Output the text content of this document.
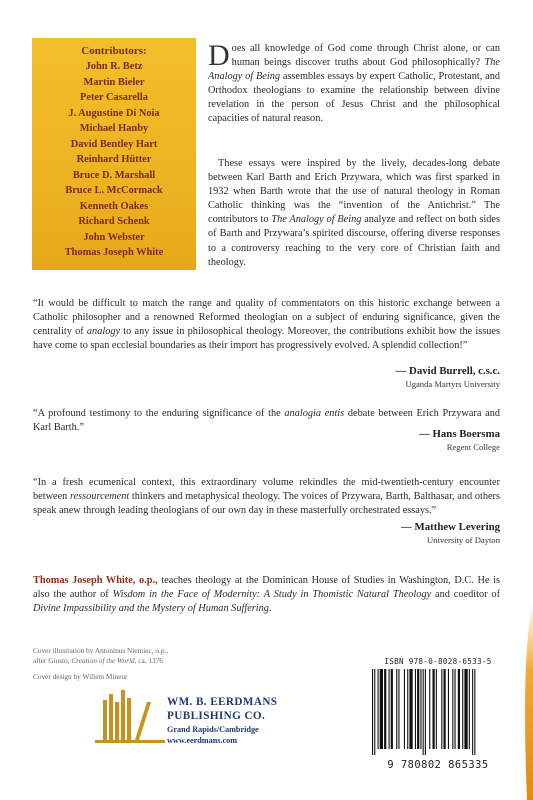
Contributors:
John R. Betz
Martin Bieler
Peter Casarella
J. Augustine Di Noia
Michael Hanby
David Bentley Hart
Reinhard Hütter
Bruce D. Marshall
Bruce L. McCormack
Kenneth Oakes
Richard Schenk
John Webster
Thomas Joseph White
Does all knowledge of God come through Christ alone, or can human beings discover truths about God philosophically? The Analogy of Being assembles essays by expert Catholic, Protestant, and Orthodox theologians to examine the relationship between divine revelation in the person of Jesus Christ and the philosophical capacities of natural reason.
These essays were inspired by the lively, decades-long debate between Karl Barth and Erich Przywara, which was first sparked in 1932 when Barth wrote that the use of natural theology in Roman Catholic thinking was the “invention of the Antichrist.” The contributors to The Analogy of Being analyze and reflect on both sides of Barth and Przywara’s spirited discourse, offering diverse responses to a controversy reaching to the very core of Christian faith and theology.
“It would be difficult to match the range and quality of commentators on this historic exchange between a Catholic philosopher and a renowned Reformed theologian on a subject of enduring significance, given the centrality of analogy to any issue in philosophical theology. Moreover, the contributions exhibit how the issues have come to span ecclesial boundaries as their import has progressively evolved. A splendid collection!”
— David Burrell, c.s.c.
Uganda Martyrs University
“A profound testimony to the enduring significance of the analogia entis debate between Erich Przywara and Karl Barth.”
— Hans Boersma
Regent College
“In a fresh ecumenical context, this extraordinary volume rekindles the mid-twentieth-century encounter between ressourcement thinkers and metaphysical theology. The voices of Przywara, Barth, Balthasar, and others speak anew through leading theologians of our own day in these masterfully orchestrated essays.”
— Matthew Levering
University of Dayton
Thomas Joseph White, o.p., teaches theology at the Dominican House of Studies in Washington, D.C. He is also the author of Wisdom in the Face of Modernity: A Study in Thomistic Natural Theology and coeditor of Divine Impassibility and the Mystery of Human Suffering.
Cover illustration by Antoninus Niemiec, o.p.,
after Giusto, Creation of the World, ca. 1376
Cover design by Willem Mineur
WM. B. EERDMANS
PUBLISHING CO.
Grand Rapids/Cambridge
www.eerdmans.com
ISBN 978-0-8028-6533-5
9 780802 865335
